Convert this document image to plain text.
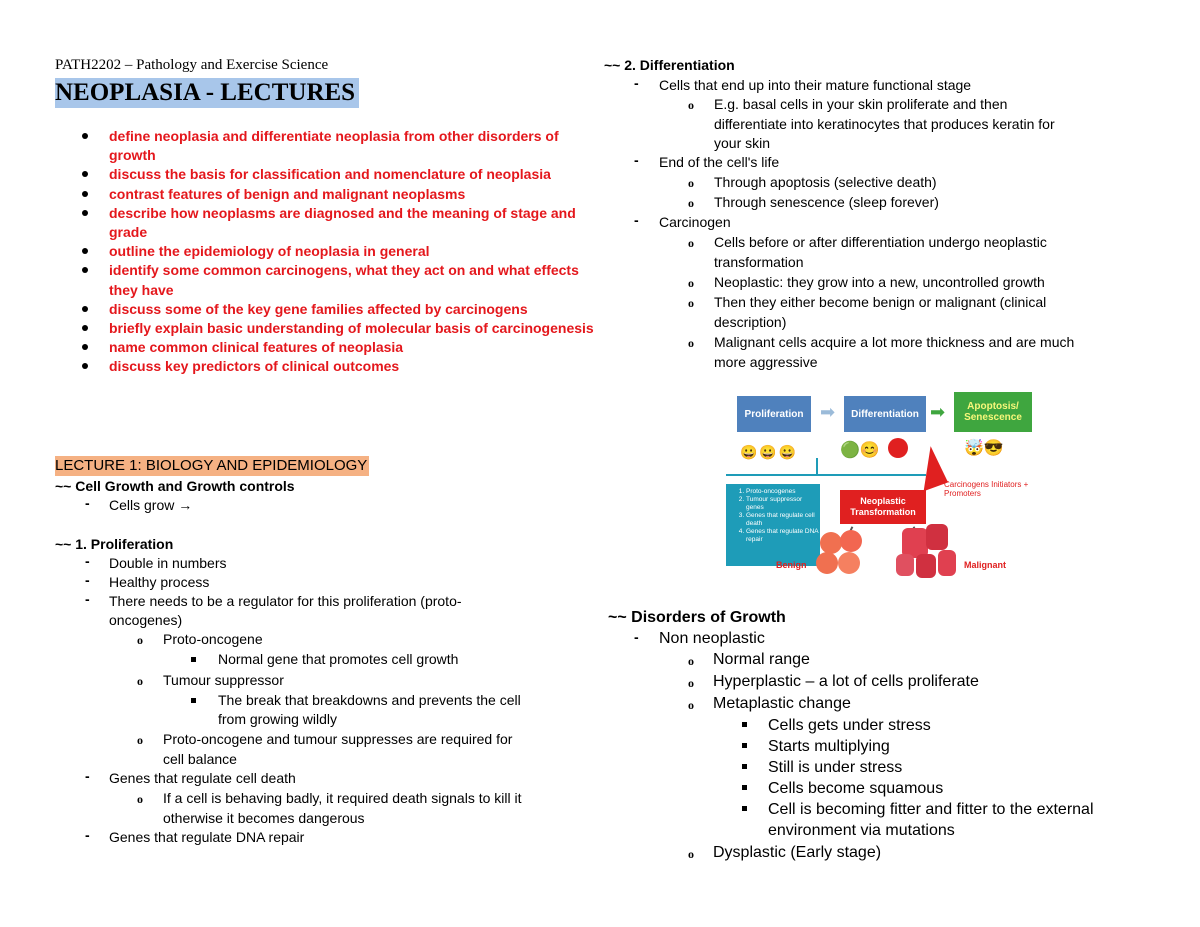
PATH2202 – Pathology and Exercise Science
NEOPLASIA - LECTURES
define neoplasia and differentiate neoplasia from other disorders of growth
discuss the basis for classification and nomenclature of neoplasia
contrast features of benign and malignant neoplasms
describe how neoplasms are diagnosed and the meaning of stage and grade
outline the epidemiology of neoplasia in general
identify some common carcinogens, what they act on and what effects they have
discuss some of the key gene families affected by carcinogens
briefly explain basic understanding of molecular basis of carcinogenesis
name common clinical features of neoplasia
discuss key predictors of clinical outcomes
LECTURE 1: BIOLOGY AND EPIDEMIOLOGY
~~ Cell Growth and Growth controls
- Cells grow →
~~ 1. Proliferation
- Double in numbers
- Healthy process
- There needs to be a regulator for this proliferation (proto-
oncogenes)
o Proto-oncogene
Normal gene that promotes cell growth
o Tumour suppressor
The break that breakdowns and prevents the cell
from growing wildly
o Proto-oncogene and tumour suppresses are required for
cell balance
- Genes that regulate cell death
o If a cell is behaving badly, it required death signals to kill it
otherwise it becomes dangerous
- Genes that regulate DNA repair
~~ 2. Differentiation
- Cells that end up into their mature functional stage
o E.g. basal cells in your skin proliferate and then
differentiate into keratinocytes that produces keratin for
your skin
- End of the cell's life
o Through apoptosis (selective death)
o Through senescence (sleep forever)
- Carcinogen
o Cells before or after differentiation undergo neoplastic
transformation
o Neoplastic: they grow into a new, uncontrolled growth
o Then they either become benign or malignant (clinical
description)
o Malignant cells acquire a lot more thickness and are much
more aggressive
~~ Disorders of Growth
- Non neoplastic
o Normal range
o Hyperplastic – a lot of cells proliferate
o Metaplastic change
Cells gets under stress
Starts multiplying
Still is under stress
Cells become squamous
Cell is becoming fitter and fitter to the external
environment via mutations
o Dysplastic (Early stage)
Proliferation ➡	Differentiation ➡	Apoptosis/ Senescence
😀😀😀	🟢😊	🤯😎
Carcinogens Initiators + Promoters
1. Proto-oncogenes
2. Tumour suppressor genes
3. Genes that regulate cell death
4. Genes that regulate DNA repair
Neoplastic Transformation
Benign	Malignant
